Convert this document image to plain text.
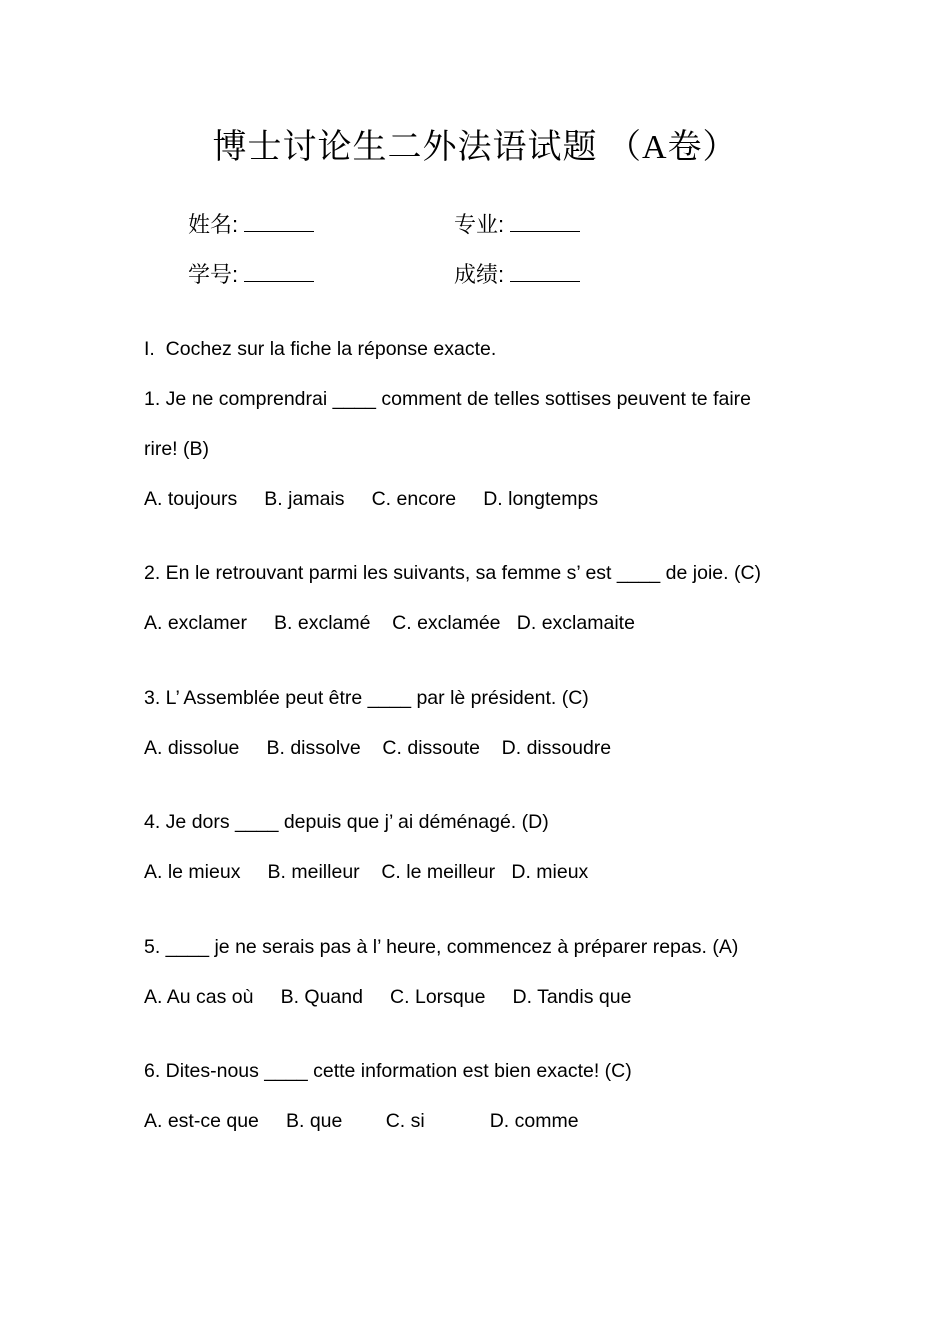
博士讨论生二外法语试题 （A卷）
姓名:	专业:
学号:	成绩:
I.  Cochez sur la fiche la réponse exacte.
1. Je ne comprendrai ____ comment de telles sottises peuvent te faire
rire! (B)
A. toujours     B. jamais     C. encore     D. longtemps
2. En le retrouvant parmi les suivants, sa femme s’ est ____ de joie. (C)
A. exclamer     B. exclamé    C. exclamée   D. exclamaite
3. L’ Assemblée peut être ____ par lè président. (C)
A. dissolue     B. dissolve    C. dissoute    D. dissoudre
4. Je dors ____ depuis que j’ ai déménagé. (D)
A. le mieux     B. meilleur    C. le meilleur   D. mieux
5. ____ je ne serais pas à l’ heure, commencez à préparer repas. (A)
A. Au cas où     B. Quand     C. Lorsque     D. Tandis que
6. Dites-nous ____ cette information est bien exacte! (C)
A. est-ce que     B. que        C. si            D. comme
